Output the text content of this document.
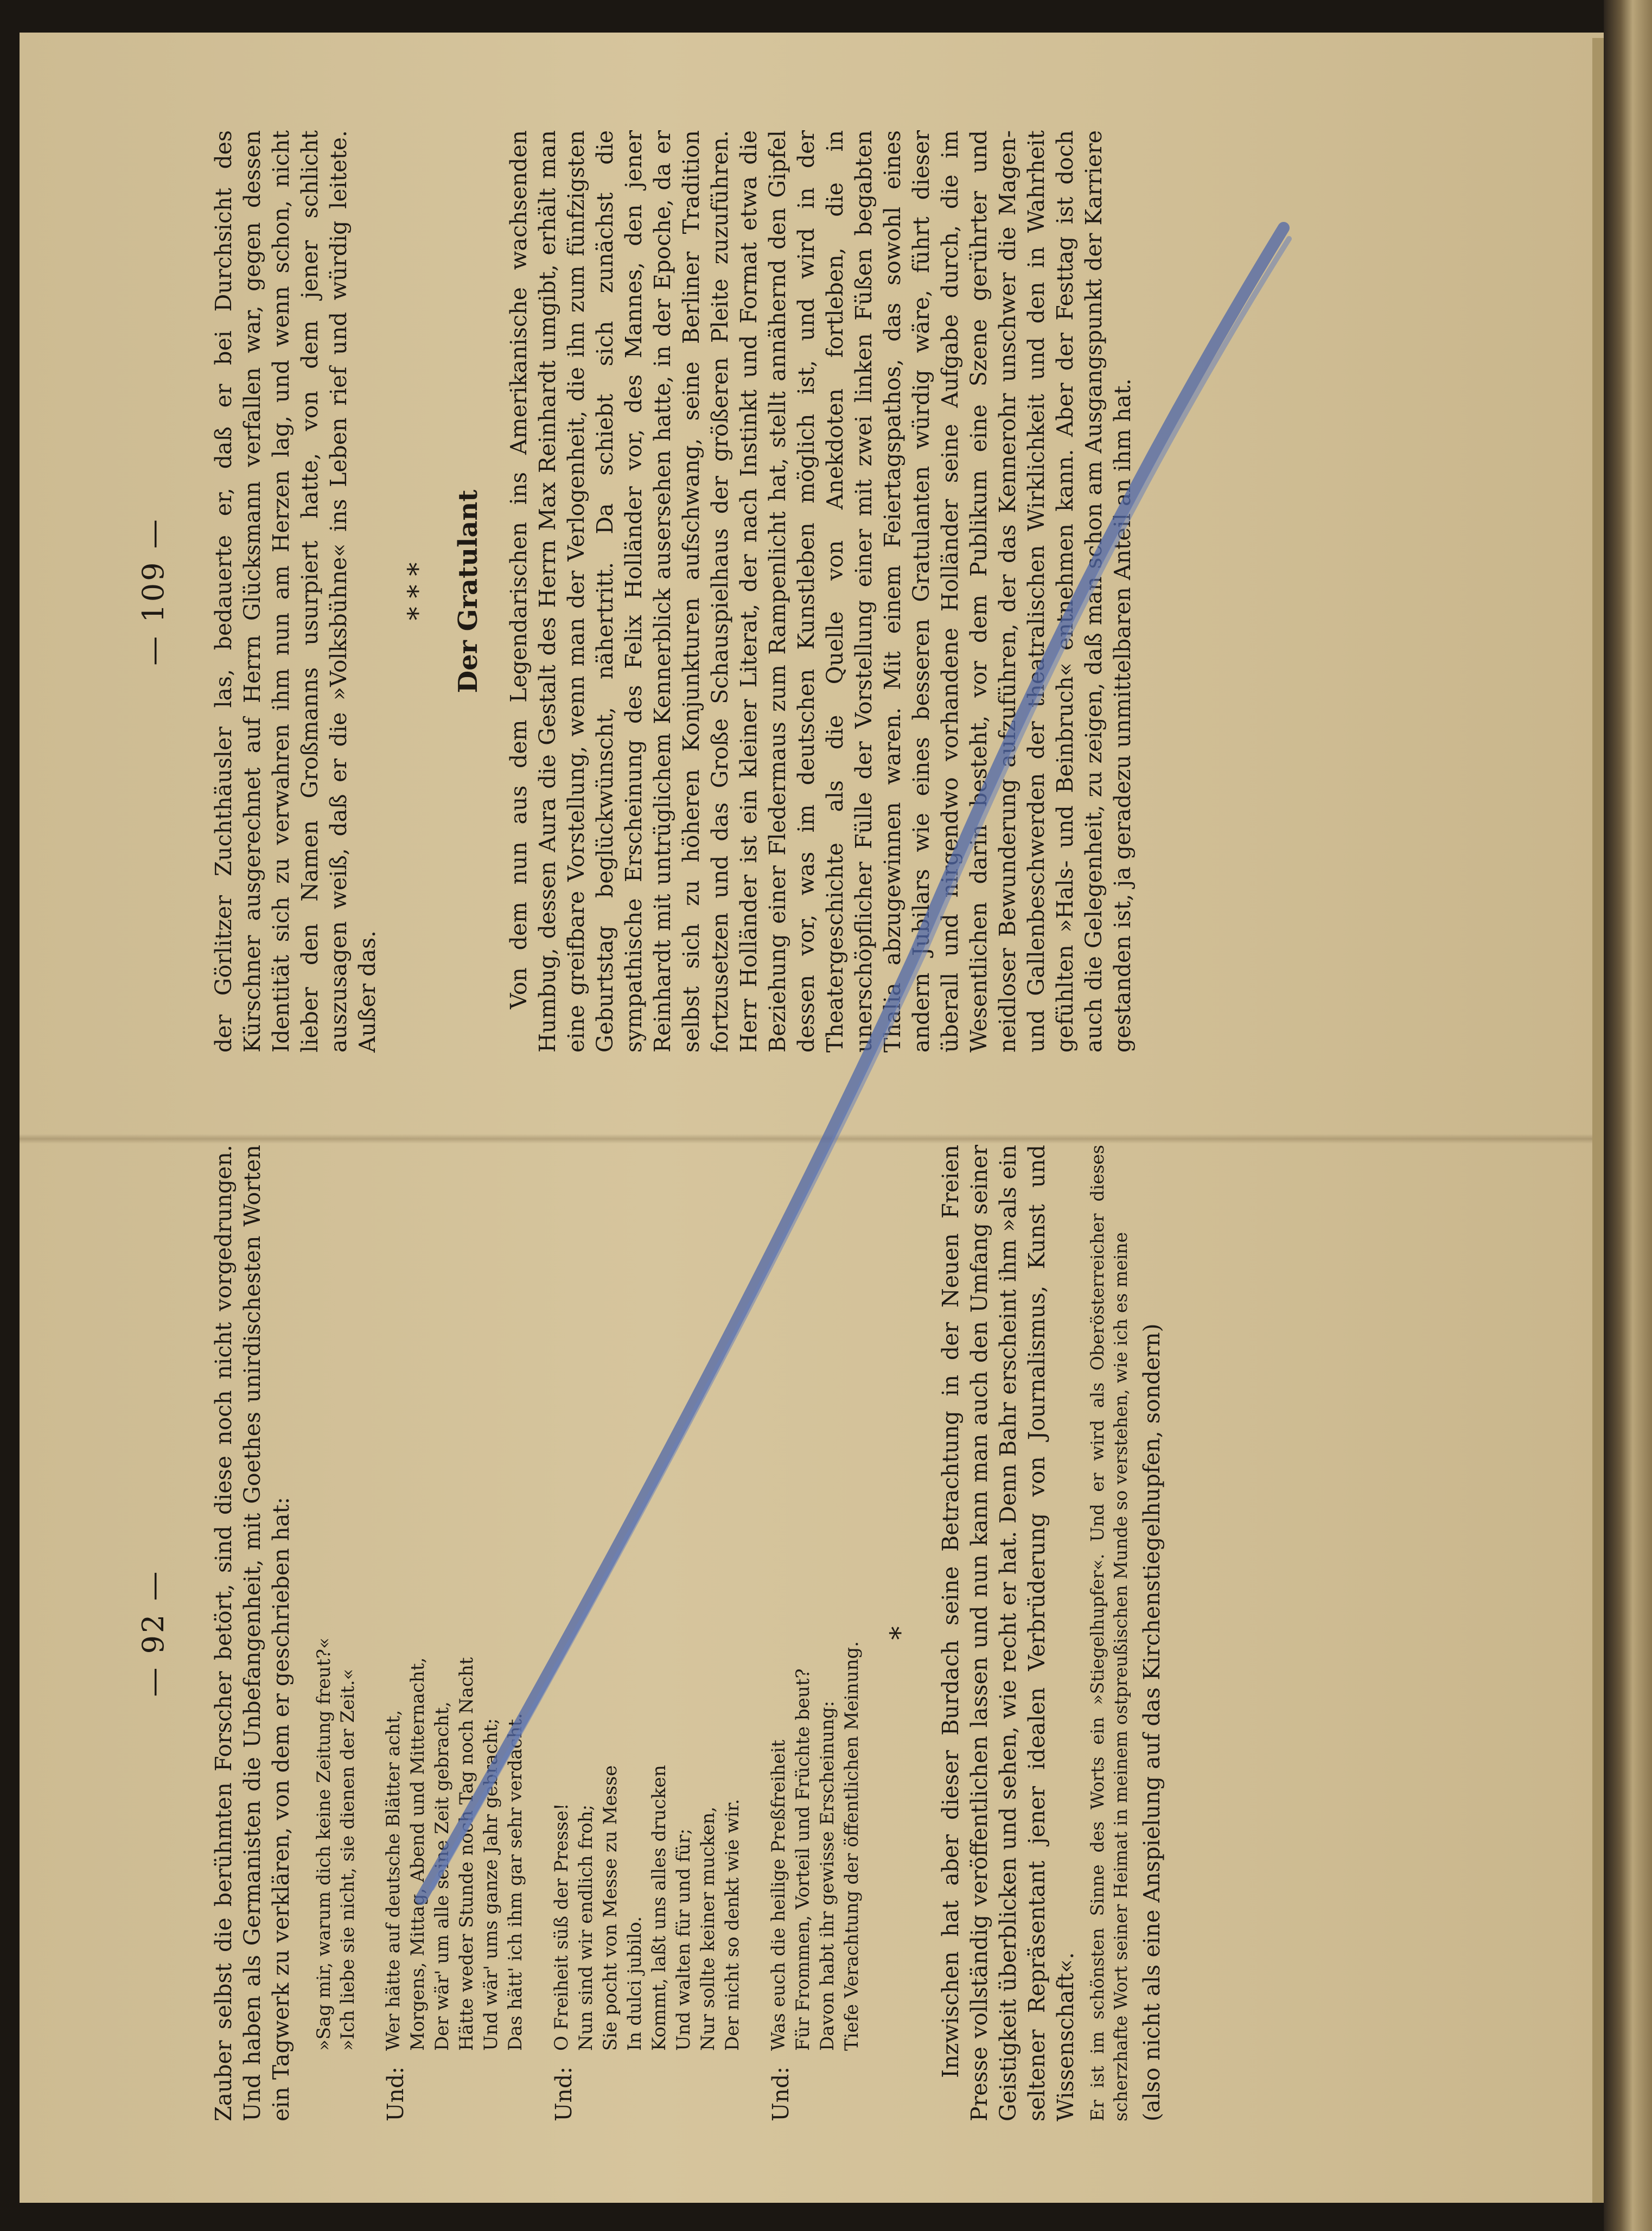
— 92 — Zauber selbst die berühmten Forscher betört, sind diese noch nicht vorgedrungen. Und haben als Germanisten die Unbefangenheit, mit Goethes unirdischesten Worten ein Tagwerk zu verklären, von dem er geschrieben hat: »Sag mir, warum dich keine Zeitung freut?« »Ich liebe sie nicht, sie dienen der Zeit.«
Und:
Wer hätte auf deutsche Blätter acht, Morgens, Mittag, Abend und Mitternacht, Der wär' um alle seine Zeit gebracht, Hätte weder Stunde noch Tag noch Nacht Und wär' ums ganze Jahr gebracht; Das hätt' ich ihm gar sehr verdacht.
Und:
O Freiheit süß der Presse! Nun sind wir endlich froh; Sie pocht von Messe zu Messe In dulci jubilo. Kommt, laßt uns alles drucken Und walten für und für; Nur sollte keiner mucken, Der nicht so denkt wie wir.
Und:
Was euch die heilige Preßfreiheit Für Frommen, Vorteil und Früchte beut? Davon habt ihr gewisse Erscheinung: Tiefe Verachtung der öffentlichen Meinung.
* Inzwischen hat aber dieser Burdach seine Betrachtung in der Neuen Freien Presse vollständig veröffentlichen lassen und nun kann man auch den Umfang seiner Geistigkeit überblicken und sehen, wie recht er hat. Denn Bahr erscheint ihm »als ein seltener Repräsentant jener idealen Verbrüderung von Journalismus, Kunst und Wissenschaft«. Er ist im schönsten Sinne des Worts ein »Stiegelhupfer«. Und er wird als Oberösterreicher dieses scherzhafte Wort seiner Heimat in meinem ostpreußischen Munde so verstehen, wie ich es meine (also nicht als eine Anspielung auf das Kirchenstiegelhupfen, sondern)

— 109 — der Görlitzer Zuchthäusler las, bedauerte er, daß er bei Durchsicht des Kürschner ausgerechnet auf Herrn Glücksmann verfallen war, gegen dessen Identität sich zu verwahren ihm nun am Herzen lag, und wenn schon, nicht lieber den Namen Großmanns usurpiert hatte, von dem jener schlicht auszusagen weiß, daß er die »Volksbühne« ins Leben rief und würdig leitete. Außer das.

* * * Der Gratulant Von dem nun aus dem Legendarischen ins Amerikanische wachsenden Humbug, dessen Aura die Gestalt des Herrn Max Reinhardt umgibt, erhält man eine greifbare Vorstellung, wenn man der Verlogenheit, die ihn zum fünfzigsten Geburtstag beglückwünscht, nähertritt. Da schiebt sich zunächst die sympathische Erscheinung des Felix Holländer vor, des Mannes, den jener Reinhardt mit untrüglichem Kennerblick ausersehen hatte, in der Epoche, da er selbst sich zu höheren Konjunkturen aufschwang, seine Berliner Tradition fortzusetzen und das Große Schauspielhaus der größeren Pleite zuzuführen. Herr Holländer ist ein kleiner Literat, der nach Instinkt und Format etwa die Beziehung einer Fledermaus zum Rampenlicht hat, stellt annähernd den Gipfel dessen vor, was im deutschen Kunstleben möglich ist, und wird in der Theatergeschichte als die Quelle von Anekdoten fortleben, die in unerschöpflicher Fülle der Vorstellung einer mit zwei linken Füßen begabten Thalia abzugewinnen waren. Mit einem Feiertagspathos, das sowohl eines andern Jubilars wie eines besseren Gratulanten würdig wäre, führt dieser überall und nirgendwo vorhandene Holländer seine Aufgabe durch, die im Wesentlichen darin besteht, vor dem Publikum eine Szene gerührter und neidloser Bewunderung aufzuführen, der das Kennerohr unschwer die Magen- und Gallenbeschwerden der theatralischen Wirklichkeit und den in Wahrheit gefühlten »Hals- und Beinbruch« entnehmen kann. Aber der Festtag ist doch auch die Gelegenheit, zu zeigen, daß man schon am Ausgangspunkt der Karriere gestanden ist, ja geradezu unmittelbaren Anteil an ihm hat.
